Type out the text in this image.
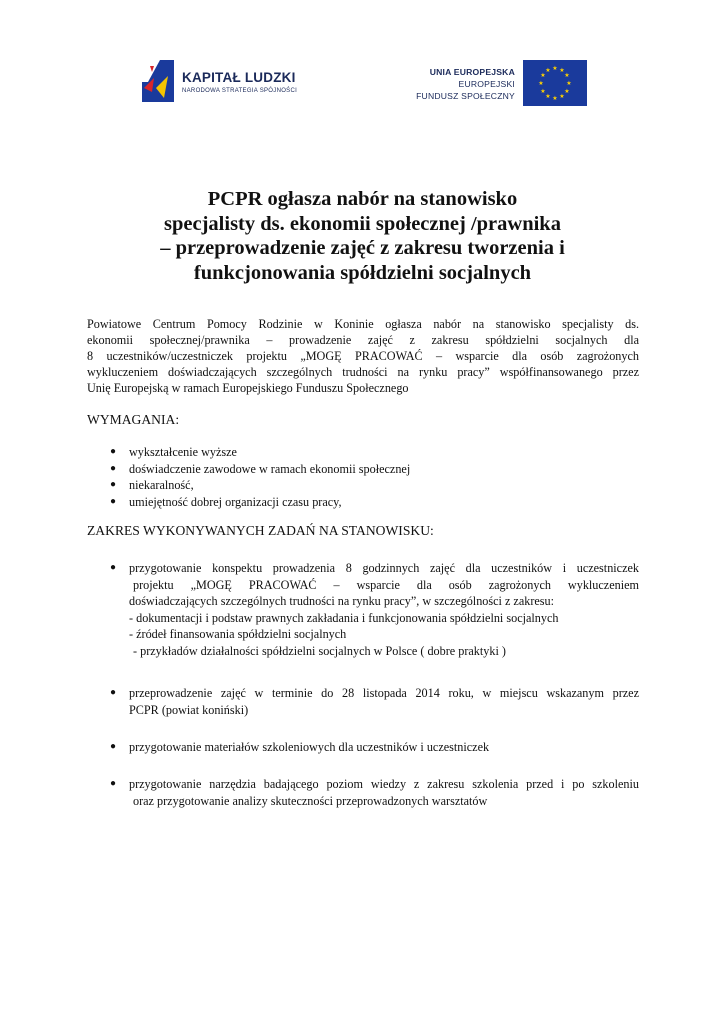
KAPITAŁ LUDZKI
NARODOWA STRATEGIA SPÓJNOŚCI
UNIA EUROPEJSKA
EUROPEJSKI
FUNDUSZ SPOŁECZNY
★ ★
★
★
★
★
★
★
★
★
★
★
PCPR ogłasza nabór na stanowisko
specjalisty ds. ekonomii społecznej /prawnika
– przeprowadzenie zajęć z zakresu tworzenia i
funkcjonowania spółdzielni socjalnych
Powiatowe Centrum Pomocy Rodzinie w Koninie ogłasza nabór na stanowisko specjalisty ds.
ekonomii społecznej/prawnika – prowadzenie zajęć z zakresu spółdzielni socjalnych dla
8 uczestników/uczestniczek projektu „MOGĘ PRACOWAĆ – wsparcie dla osób zagrożonych
wykluczeniem doświadczających szczególnych trudności na rynku pracy” współfinansowanego przez
Unię Europejską w ramach Europejskiego Funduszu Społecznego
WYMAGANIA:
● wykształcenie wyższe
● doświadczenie zawodowe w ramach ekonomii społecznej
● niekaralność,
● umiejętność dobrej organizacji czasu pracy,
ZAKRES WYKONYWANYCH ZADAŃ NA STANOWISKU:
●	przygotowanie konspektu prowadzenia 8 godzinnych zajęć dla uczestników i uczestniczek
projektu „MOGĘ PRACOWAĆ – wsparcie dla osób zagrożonych wykluczeniem
doświadczających szczególnych trudności na rynku pracy”, w szczególności z zakresu:
- dokumentacji i podstaw prawnych zakładania i funkcjonowania spółdzielni socjalnych
- źródeł finansowania spółdzielni socjalnych
- przykładów działalności spółdzielni socjalnych w Polsce ( dobre praktyki )
●	przeprowadzenie zajęć w terminie do 28 listopada 2014 roku, w miejscu wskazanym przez
PCPR (powiat koniński)
●	przygotowanie materiałów szkoleniowych dla uczestników i uczestniczek
●	przygotowanie narzędzia badającego poziom wiedzy z zakresu szkolenia przed i po szkoleniu
oraz przygotowanie analizy skuteczności przeprowadzonych warsztatów
